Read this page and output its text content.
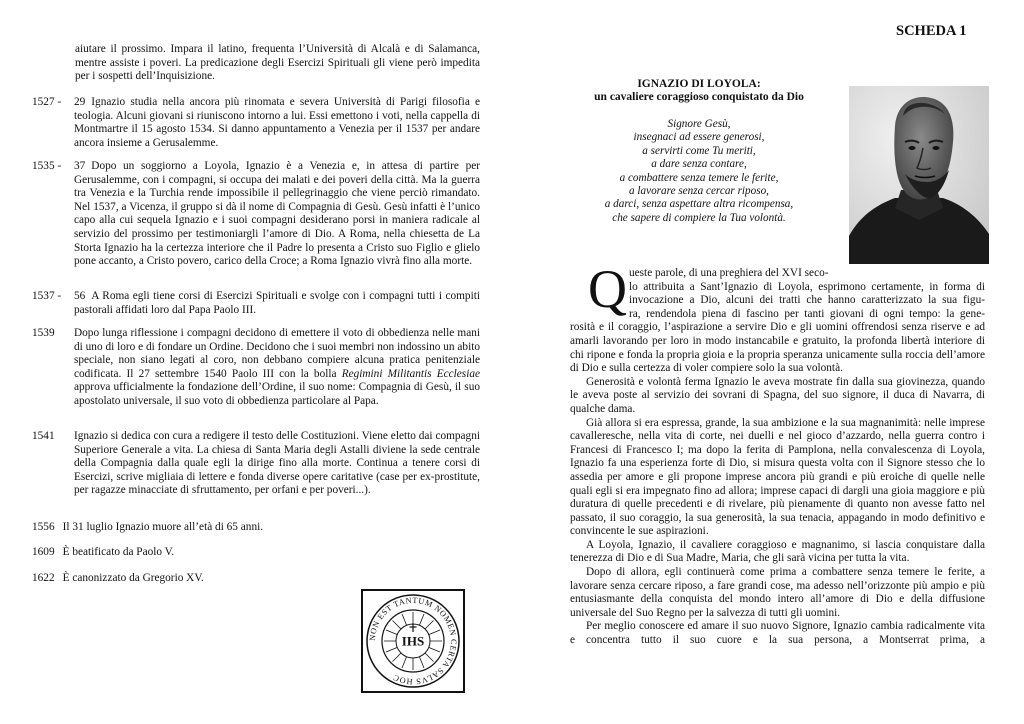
aiutare il prossimo. Impara il latino, frequenta l’Università di Alcalà e di Salamanca, mentre assiste i poveri. La predicazione degli Esercizi Spirituali gli viene però impedita per i sospetti dell’Inquisizione.

1527 - 29 Ignazio studia nella ancora più rinomata e severa Università di Parigi filosofia e teologia. Alcuni giovani si riuniscono intorno a lui. Essi emettono i voti, nella cappella di Montmartre il 15 agosto 1534. Si danno appuntamento a Venezia per il 1537 per andare ancora insieme a Gerusalemme.
1535 - 37 Dopo un soggiorno a Loyola, Ignazio è a Venezia e, in attesa di partire per Gerusalemme, con i compagni, si occupa dei malati e dei poveri della città. Ma la guerra tra Venezia e la Turchia rende impossibile il pellegrinaggio che viene perciò rimandato. Nel 1537, a Vicenza, il gruppo si dà il nome di Compagnia di Gesù. Gesù infatti è l’unico capo alla cui sequela Ignazio e i suoi compagni desiderano porsi in maniera radicale al servizio del prossimo per testimoniargli l’amore di Dio. A Roma, nella chiesetta de La Storta Ignazio ha la certezza interiore che il Padre lo presenta a Cristo suo Figlio e glielo pone accanto, a Cristo povero, carico della Croce; a Roma Ignazio vivrà fino alla morte.
1537 - 56 A Roma egli tiene corsi di Esercizi Spirituali e svolge con i compagni tutti i compiti pastorali affidati loro dal Papa Paolo III.
1539 Dopo lunga riflessione i compagni decidono di emettere il voto di obbedienza nelle mani di uno di loro e di fondare un Ordine. Decidono che i suoi membri non indossino un abito speciale, non siano legati al coro, non debbano compiere alcuna pratica penitenziale codificata. Il 27 settembre 1540 Paolo III con la bolla Regimini Militantis Ecclesiae approva ufficialmente la fondazione dell’Ordine, il suo nome: Compagnia di Gesù, il suo apostolato universale, il suo voto di obbedienza particolare al Papa.
1541 Ignazio si dedica con cura a redigere il testo delle Costituzioni. Viene eletto dai compagni Superiore Generale a vita. La chiesa di Santa Maria degli Astalli diviene la sede centrale della Compagnia dalla quale egli la dirige fino alla morte. Continua a tenere corsi di Esercizi, scrive migliaia di lettere e fonda diverse opere caritative (case per ex-prostitute, per ragazze minacciate di sfruttamento, per orfani e per poveri...).
1556 Il 31 luglio Ignazio muore all’età di 65 anni.
1609 È beatificato da Paolo V.
1622 È canonizzato da Gregorio XV.
IHS
NON EST TANTUM NOMEN CERTA SALVS HOC
SCHEDA 1
IGNAZIO DI LOYOLA:
un cavaliere coraggioso conquistato da Dio
Signore Gesù,
insegnaci ad essere generosi,
a servirti come Tu meriti,
a dare senza contare,
a combattere senza temere le ferite,
a lavorare senza cercar riposo,
a darci, senza aspettare altra ricompensa,
che sapere di compiere la Tua volontà.
Q ueste parole, di una preghiera del XVI seco-
lo attribuita a Sant’Ignazio di Loyola, esprimono certamente, in forma di
invocazione a Dio, alcuni dei tratti che hanno caratterizzato la sua figu-
ra, rendendola piena di fascino per tanti giovani di ogni tempo: la gene-

rosità e il coraggio, l’aspirazione a servire Dio e gli uomini offrendosi senza riserve e ad amarli lavorando per loro in modo instancabile e gratuito, la profonda libertà interiore di chi ripone e fonda la propria gioia e la propria speranza unicamente sulla roccia dell’amore di Dio e sulla certezza di voler compiere solo la sua volontà.

Generosità e volontà ferma Ignazio le aveva mostrate fin dalla sua giovinezza, quando le aveva poste al servizio dei sovrani di Spagna, del suo signore, il duca di Navarra, di qualche dama.

Già allora si era espressa, grande, la sua ambizione e la sua magnanimità: nelle imprese cavalleresche, nella vita di corte, nei duelli e nel gioco d’azzardo, nella guerra contro i Francesi di Francesco I; ma dopo la ferita di Pamplona, nella convalescenza di Loyola, Ignazio fa una esperienza forte di Dio, si misura questa volta con il Signore stesso che lo assedia per amore e gli propone imprese ancora più grandi e più eroiche di quelle nelle quali egli si era impegnato fino ad allora; imprese capaci di dargli una gioia maggiore e più duratura di quelle precedenti e di rivelare, più pienamente di quanto non avesse fatto nel passato, il suo coraggio, la sua generosità, la sua tenacia, appagando in modo definitivo e convincente le sue aspirazioni.

A Loyola, Ignazio, il cavaliere coraggioso e magnanimo, si lascia conquistare dalla tenerezza di Dio e di Sua Madre, Maria, che gli sarà vicina per tutta la vita.

Dopo di allora, egli continuerà come prima a combattere senza temere le ferite, a lavorare senza cercare riposo, a fare grandi cose, ma adesso nell’orizzonte più ampio e più entusiasmante della conquista del mondo intero all’amore di Dio e della diffusione universale del Suo Regno per la salvezza di tutti gli uomini.

Per meglio conoscere ed amare il suo nuovo Signore, Ignazio cambia radicalmente vita e concentra tutto il suo cuore e la sua persona, a Montserrat prima, a
